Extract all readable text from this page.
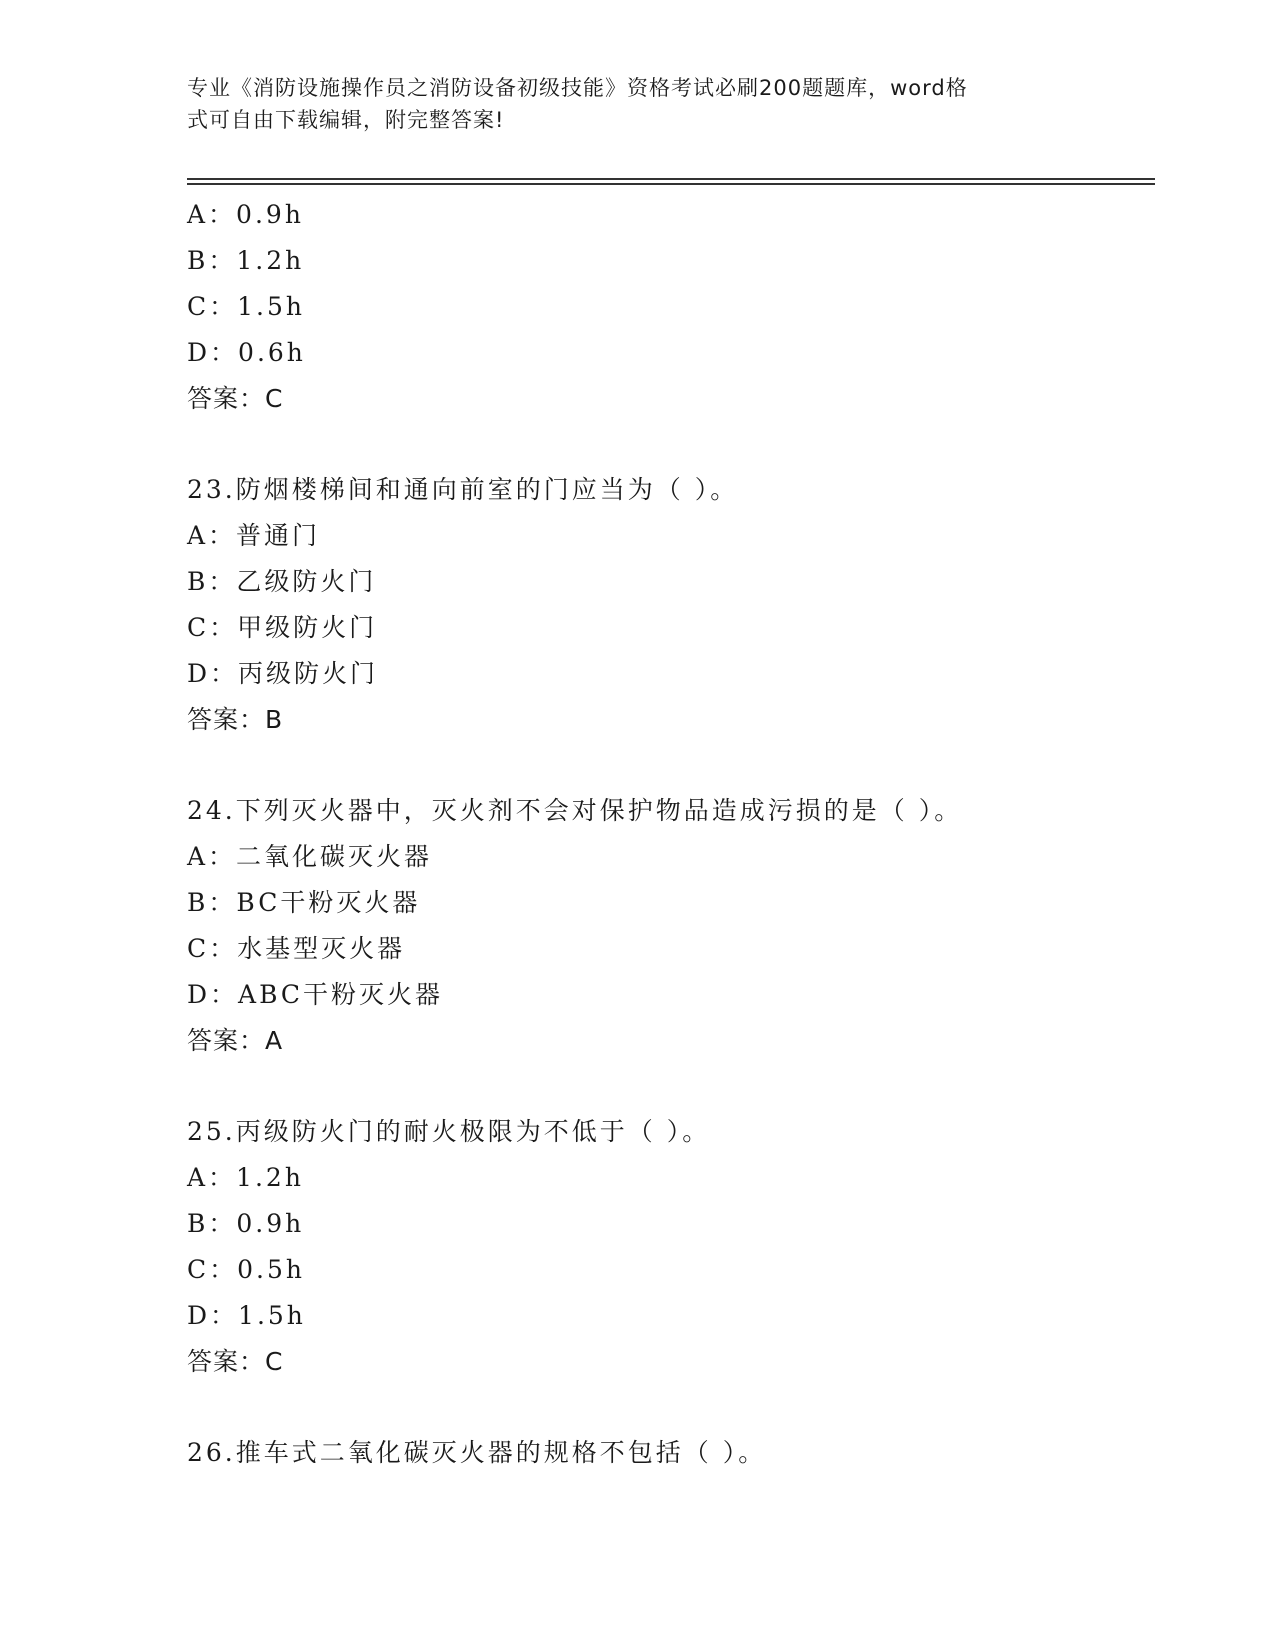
专业《消防设施操作员之消防设备初级技能》资格考试必刷200题题库，word格
式可自由下载编辑，附完整答案!
A：0.9h
B：1.2h
C：1.5h
D：0.6h
答案：C
23.防烟楼梯间和通向前室的门应当为（ ）。
A：普通门
B：乙级防火门
C：甲级防火门
D：丙级防火门
答案：B
24.下列灭火器中，灭火剂不会对保护物品造成污损的是（ ）。
A：二氧化碳灭火器
B：BC干粉灭火器
C：水基型灭火器
D：ABC干粉灭火器
答案：A
25.丙级防火门的耐火极限为不低于（ ）。
A：1.2h
B：0.9h
C：0.5h
D：1.5h
答案：C
26.推车式二氧化碳灭火器的规格不包括（ ）。
